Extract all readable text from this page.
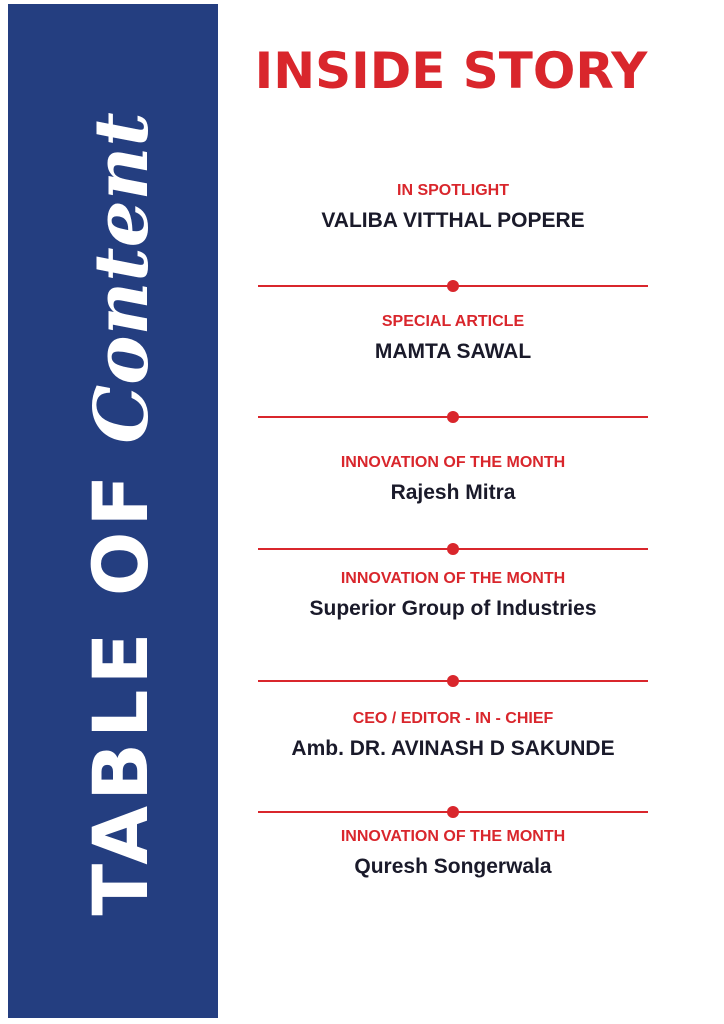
TABLE OF
Content
INSIDE STORY
IN SPOTLIGHT
VALIBA VITTHAL POPERE
SPECIAL ARTICLE
MAMTA SAWAL
INNOVATION OF THE MONTH
Rajesh Mitra
INNOVATION OF THE MONTH
Superior Group of Industries
CEO / EDITOR - IN - CHIEF
Amb. DR. AVINASH D SAKUNDE
INNOVATION OF THE MONTH
Quresh Songerwala
